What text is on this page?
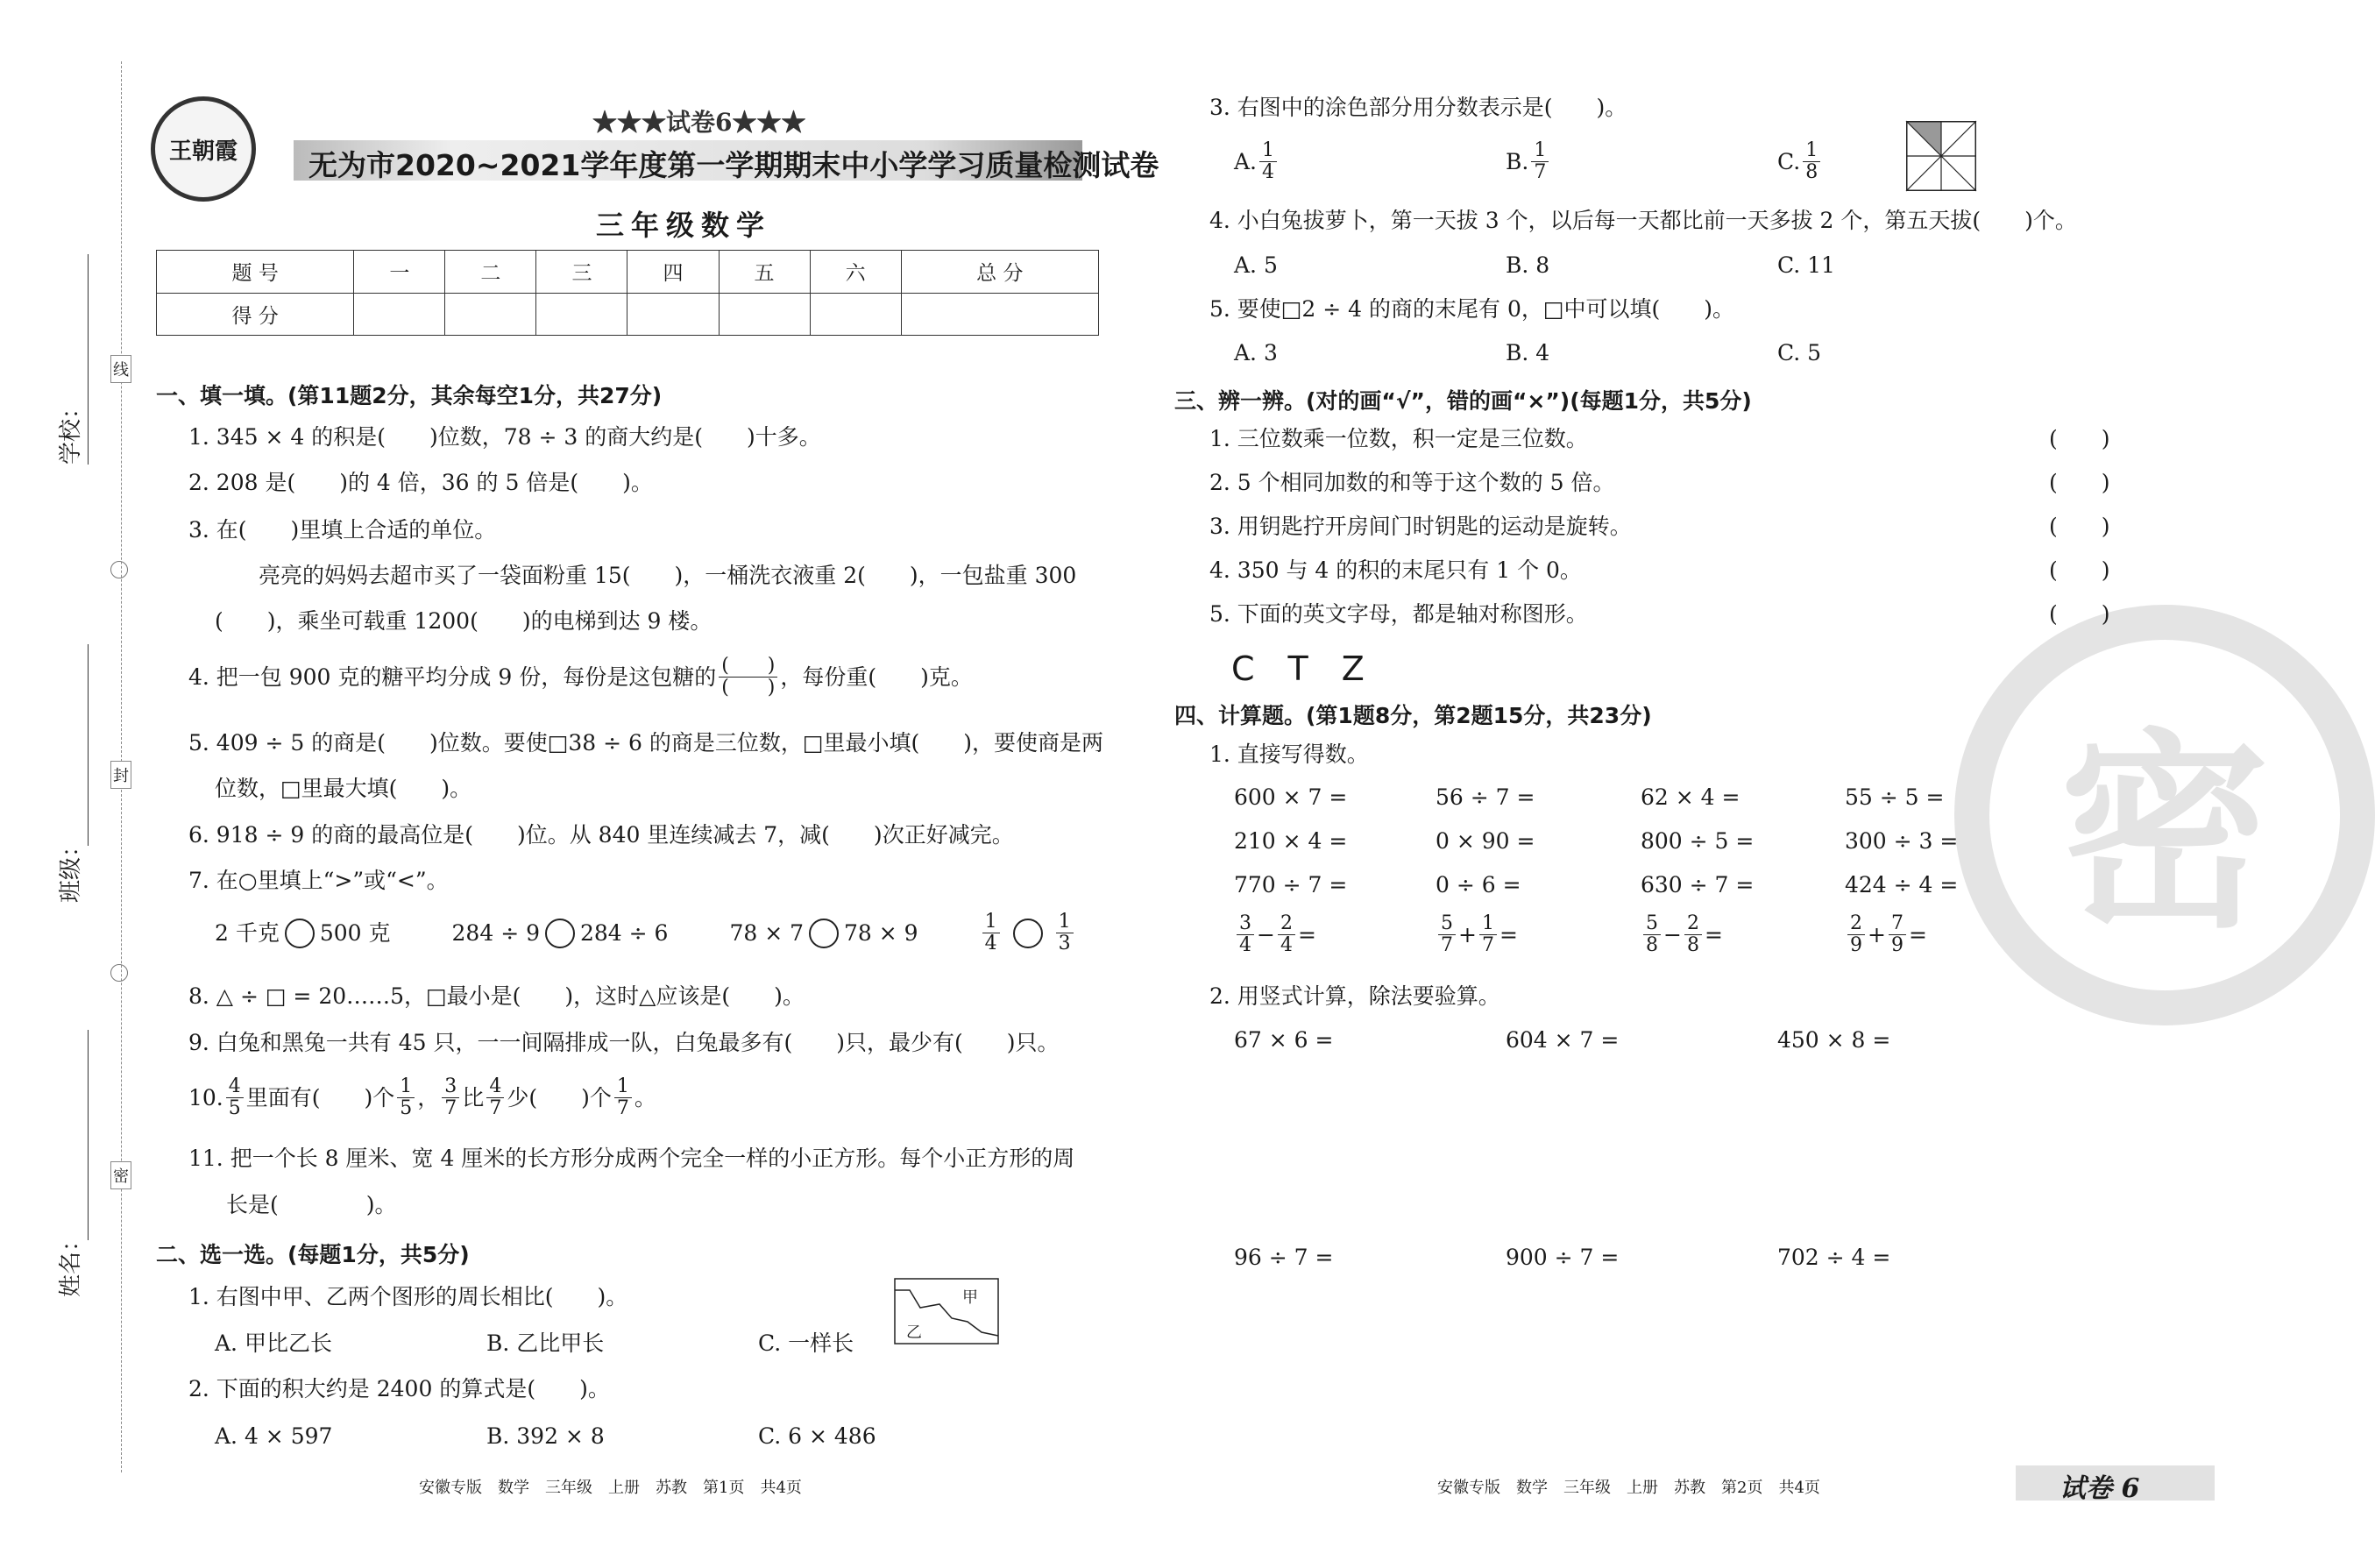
线
封
密
学校：
班级：
姓名：
王朝霞
★★★试卷6★★★
无为市2020~2021学年度第一学期期末中小学学习质量检测试卷
三年级数学
题 号	一	二	三	四	五	六	总 分
得 分							
一、填一填。(第11题2分，其余每空1分，共27分)
1. 345 × 4 的积是(　　)位数，78 ÷ 3 的商大约是(　　)十多。
2. 208 是(　　)的 4 倍，36 的 5 倍是(　　)。
3. 在(　　)里填上合适的单位。
亮亮的妈妈去超市买了一袋面粉重 15(　　)，一桶洗衣液重 2(　　)，一包盐重 300
(　　)，乘坐可载重 1200(　　)的电梯到达 9 楼。
4. 把一包 900 克的糖平均分成 9 份，每份是这包糖的 $\frac{( )}{( )}$ ，每份重(　　)克。
5. 409 ÷ 5 的商是(　　)位数。要使□38 ÷ 6 的商是三位数，□里最小填(　　)，要使商是两
位数，□里最大填(　　)。
6. 918 ÷ 9 的商的最高位是(　　)位。从 840 里连续减去 7，减(　　)次正好减完。
7. 在○里填上“>”或“<”。
2 千克 500 克	284 ÷ 9 284 ÷ 6	78 × 7 78 × 9	$\frac{1}{4}$	$\frac{1}{3}$
8. △ ÷ □ = 20……5，□最小是(　　)，这时△应该是(　　)。
9. 白兔和黑兔一共有 45 只，一一间隔排成一队，白兔最多有(　　)只，最少有(　　)只。
10. $\frac{4}{5}$ 里面有(　　)个 $\frac{1}{5}$ ， $\frac{3}{7}$ 比 $\frac{4}{7}$ 少(　　)个 $\frac{1}{7}$ 。
11. 把一个长 8 厘米、宽 4 厘米的长方形分成两个完全一样的小正方形。每个小正方形的周
长是(　　　　)。
二、选一选。(每题1分，共5分)
1. 右图中甲、乙两个图形的周长相比(　　)。	甲
乙
A. 甲比乙长	B. 乙比甲长	C. 一样长
2. 下面的积大约是 2400 的算式是(　　)。
A. 4 × 597	B. 392 × 8	C. 6 × 486
3. 右图中的涂色部分用分数表示是(　　)。
A. $\frac{1}{4}$	B. $\frac{1}{7}$	C. $\frac{1}{8}$
4. 小白兔拔萝卜，第一天拔 3 个，以后每一天都比前一天多拔 2 个，第五天拔(　　)个。
A. 5	B. 8	C. 11
5. 要使□2 ÷ 4 的商的末尾有 0，□中可以填(　　)。
A. 3	B. 4	C. 5
密
三、辨一辨。(对的画“√”，错的画“×”)(每题1分，共5分)
1. 三位数乘一位数，积一定是三位数。
2. 5 个相同加数的和等于这个数的 5 倍。
3. 用钥匙拧开房间门时钥匙的运动是旋转。
4. 350 与 4 的积的末尾只有 1 个 0。
5. 下面的英文字母，都是轴对称图形。
(　　)
(　　)
(　　)
(　　)
(　　)
C　T　Z
四、计算题。(第1题8分，第2题15分，共23分)
1. 直接写得数。
600 × 7 =	56 ÷ 7 =	62 × 4 =	55 ÷ 5 =
210 × 4 =	0 × 90 =	800 ÷ 5 =	300 ÷ 3 =
770 ÷ 7 =	0 ÷ 6 =	630 ÷ 7 =	424 ÷ 4 =
$\frac{3}{4} - \frac{2}{4}$ =	$\frac{5}{7} + \frac{1}{7}$ =	$\frac{5}{8} - \frac{2}{8}$ =	$\frac{2}{9} + \frac{7}{9}$ =
2. 用竖式计算，除法要验算。
67 × 6 =	604 × 7 =	450 × 8 =
96 ÷ 7 =	900 ÷ 7 =	702 ÷ 4 =
安徽专版　数学　三年级　上册　苏教　第1页　共4页	安徽专版　数学　三年级　上册　苏教　第2页　共4页	试卷 6
